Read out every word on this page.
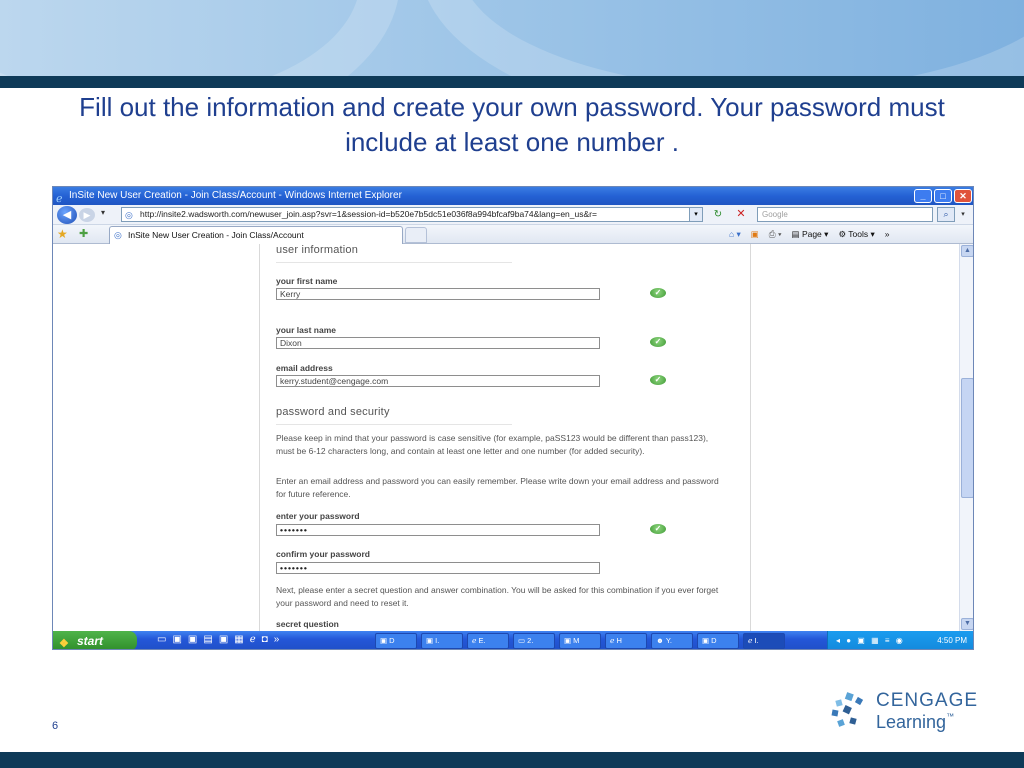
Fill out the information and create your own password. Your password must include at least one number .
ℯ InSite New User Creation - Join Class/Account - Windows Internet Explorer	_	□	✕
◀	▶	▾ ◎ http://insite2.wadsworth.com/newuser_join.asp?svr=1&session-id=b520e7b5dc51e036f8a994bfcaf9ba74&lang=en_us&r=	▾	↻	✕	Google	⌕	▾
★ ✚	◎ InSite New User Creation - Join Class/Account	⌂ ▾ ▣ ⎙ ▾ ▤ Page ▾ ⚙ Tools ▾ »
user information
your first name
Kerry
✓
your last name
Dixon
✓
email address
kerry.student@cengage.com
✓
password and security
Please keep in mind that your password is case sensitive (for example, paSS123 would be different than pass123), must be 6-12 characters long, and contain at least one letter and one number (for added security).
Enter an email address and password you can easily remember. Please write down your email address and password for future reference.
enter your password
•••••••
✓
confirm your password
•••••••
Next, please enter a secret question and answer combination. You will be asked for this combination if you ever forget your password and need to reset it.
secret question
▲
▼
❖ start	▭ ▣ ▣ ▤ ▣ ▦ ℯ ◘ »	▣ D	▣ I.	ℯ E.	▭ 2.	▣ M	ℯ H	☻ Y.	▣ D	ℯ I.	◂ ● ▣ ▦ ≡ ◉	4:50 PM
6
CENGAGE
Learning™
